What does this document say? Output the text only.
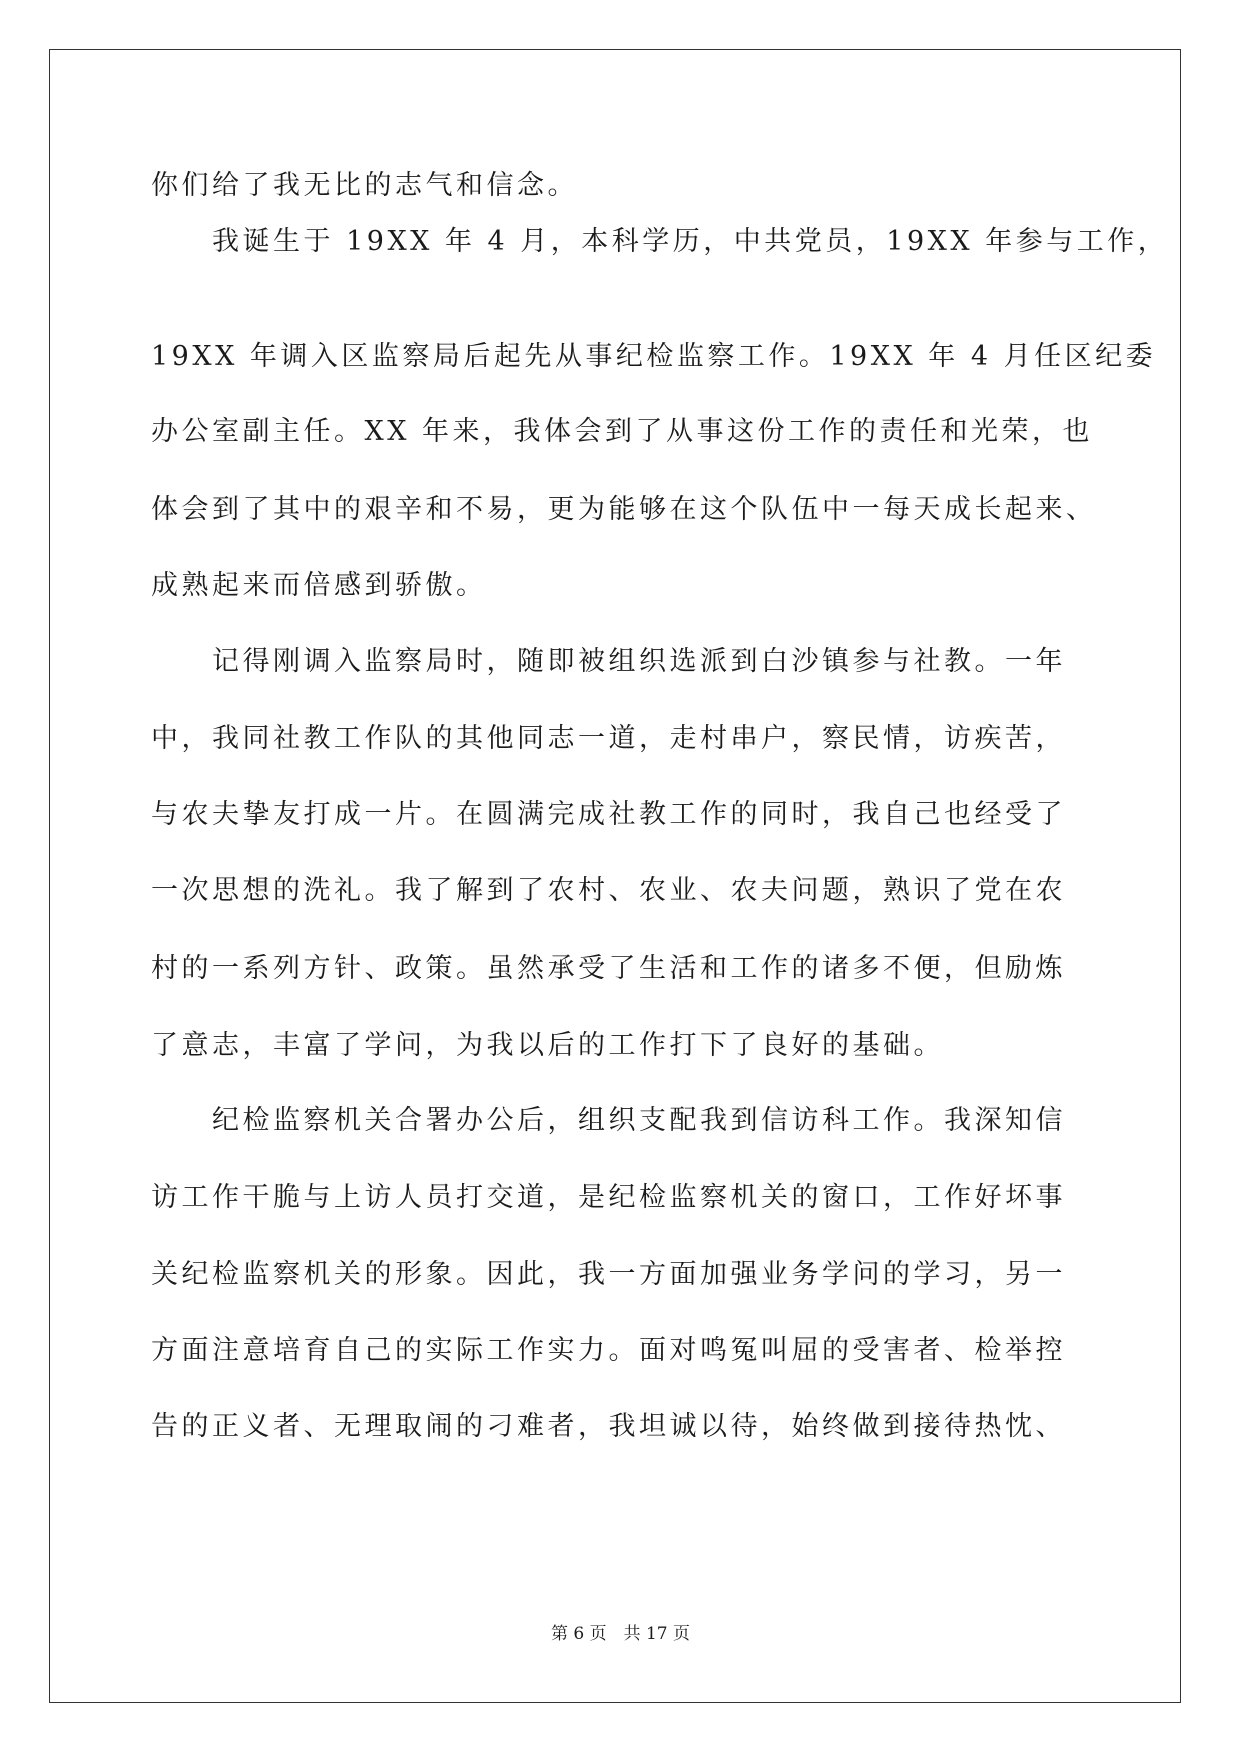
你们给了我无比的志气和信念。
　　我诞生于 19XX 年 4 月，本科学历，中共党员，19XX 年参与工作，
19XX 年调入区监察局后起先从事纪检监察工作。19XX 年 4 月任区纪委
办公室副主任。XX 年来，我体会到了从事这份工作的责任和光荣，也
体会到了其中的艰辛和不易，更为能够在这个队伍中一每天成长起来、
成熟起来而倍感到骄傲。
　　记得刚调入监察局时，随即被组织选派到白沙镇参与社教。一年
中，我同社教工作队的其他同志一道，走村串户，察民情，访疾苦，
与农夫挚友打成一片。在圆满完成社教工作的同时，我自己也经受了
一次思想的洗礼。我了解到了农村、农业、农夫问题，熟识了党在农
村的一系列方针、政策。虽然承受了生活和工作的诸多不便，但励炼
了意志，丰富了学问，为我以后的工作打下了良好的基础。
　　纪检监察机关合署办公后，组织支配我到信访科工作。我深知信
访工作干脆与上访人员打交道，是纪检监察机关的窗口，工作好坏事
关纪检监察机关的形象。因此，我一方面加强业务学问的学习，另一
方面注意培育自己的实际工作实力。面对鸣冤叫屈的受害者、检举控
告的正义者、无理取闹的刁难者，我坦诚以待，始终做到接待热忱、
第 6 页　共 17 页
